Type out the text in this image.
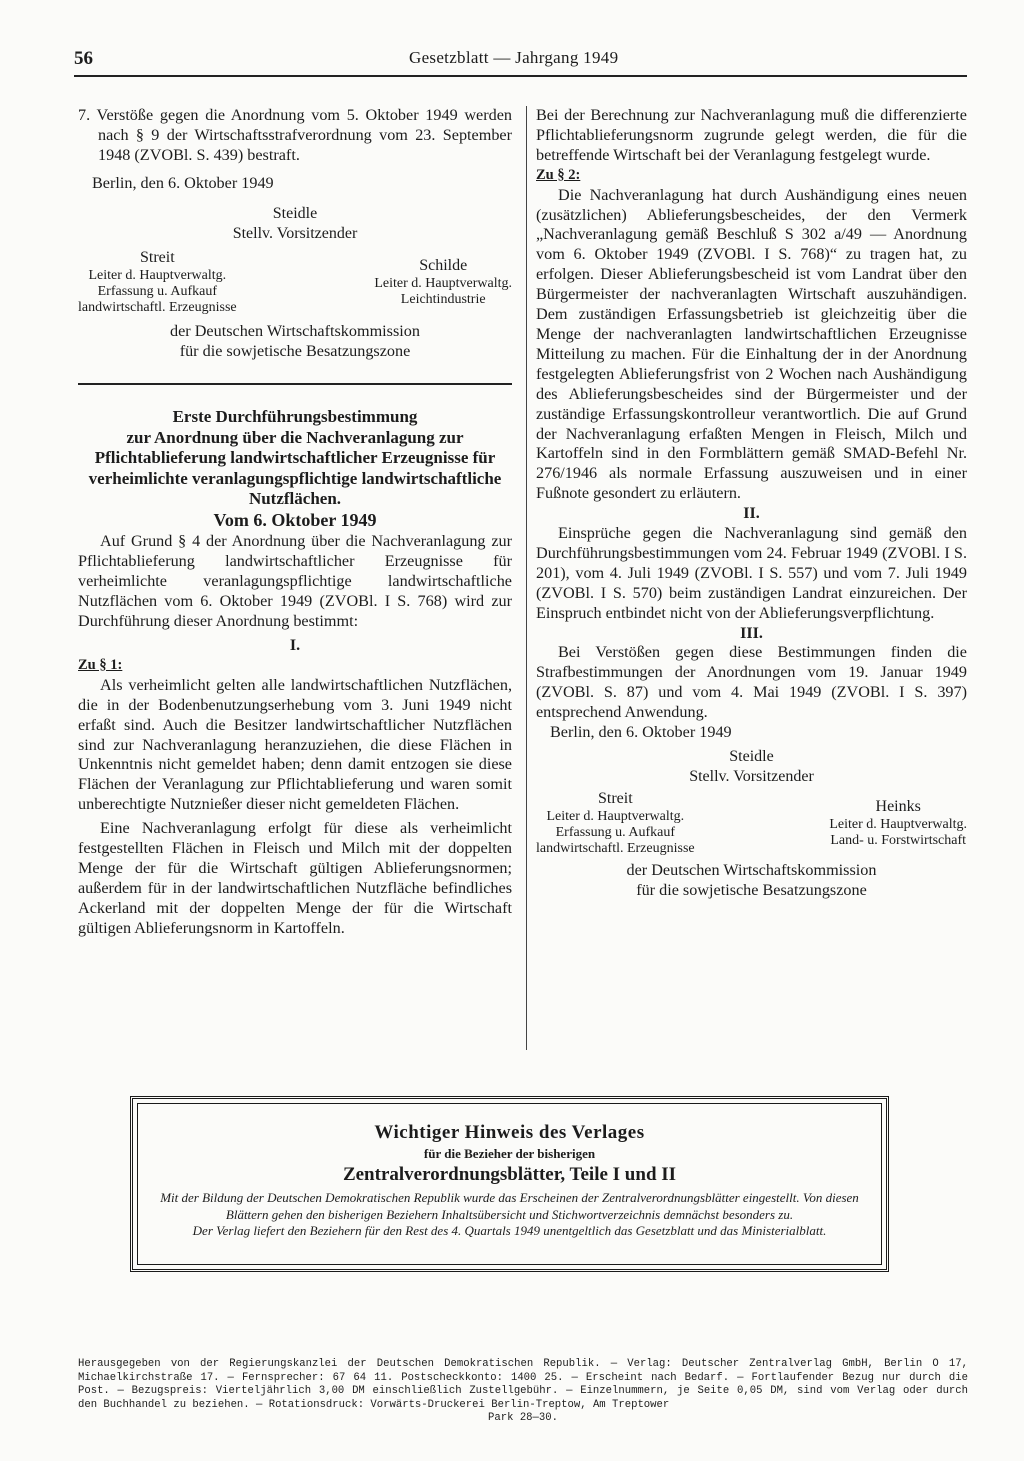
56	Gesetzblatt — Jahrgang 1949

7. Verstöße gegen die Anordnung vom 5. Oktober 1949 werden nach § 9 der Wirtschaftsstrafverordnung vom 23. September 1948 (ZVOBl. S. 439) bestraft.

Berlin, den 6. Oktober 1949

Steidle
Stellv. Vorsitzender
Streit
Leiter d. Hauptverwaltg.
Erfassung u. Aufkauf
landwirtschaftl. Erzeugnisse
Schilde
Leiter d. Hauptverwaltg.
Leichtindustrie
der Deutschen Wirtschaftskommission
für die sowjetische Besatzungszone
Erste Durchführungsbestimmung
zur Anordnung über die Nachveranlagung zur Pflichtablieferung landwirtschaftlicher Erzeugnisse für verheimlichte veranlagungspflichtige landwirtschaftliche Nutzflächen.
Vom 6. Oktober 1949

Auf Grund § 4 der Anordnung über die Nachveranlagung zur Pflichtablieferung landwirtschaftlicher Erzeugnisse für verheimlichte veranlagungspflichtige landwirtschaftliche Nutzflächen vom 6. Oktober 1949 (ZVOBl. I S. 768) wird zur Durchführung dieser Anordnung bestimmt:

I.
Zu § 1:

Als verheimlicht gelten alle landwirtschaftlichen Nutzflächen, die in der Bodenbenutzungserhebung vom 3. Juni 1949 nicht erfaßt sind. Auch die Besitzer landwirtschaftlicher Nutzflächen sind zur Nachveranlagung heranzuziehen, die diese Flächen in Unkenntnis nicht gemeldet haben; denn damit entzogen sie diese Flächen der Veranlagung zur Pflichtablieferung und waren somit unberechtigte Nutznießer dieser nicht gemeldeten Flächen.

Eine Nachveranlagung erfolgt für diese als verheimlicht festgestellten Flächen in Fleisch und Milch mit der doppelten Menge der für die Wirtschaft gültigen Ablieferungsnormen; außerdem für in der landwirtschaftlichen Nutzfläche befindliches Ackerland mit der doppelten Menge der für die Wirtschaft gültigen Ablieferungsnorm in Kartoffeln.

Bei der Berechnung zur Nachveranlagung muß die differenzierte Pflichtablieferungsnorm zugrunde gelegt werden, die für die betreffende Wirtschaft bei der Veranlagung festgelegt wurde.

Zu § 2:

Die Nachveranlagung hat durch Aushändigung eines neuen (zusätzlichen) Ablieferungsbescheides, der den Vermerk „Nachveranlagung gemäß Beschluß S 302 a/49 — Anordnung vom 6. Oktober 1949 (ZVOBl. I S. 768)“ zu tragen hat, zu erfolgen. Dieser Ablieferungsbescheid ist vom Landrat über den Bürgermeister der nachveranlagten Wirtschaft auszuhändigen. Dem zuständigen Erfassungsbetrieb ist gleichzeitig über die Menge der nachveranlagten landwirtschaftlichen Erzeugnisse Mitteilung zu machen. Für die Einhaltung der in der Anordnung festgelegten Ablieferungsfrist von 2 Wochen nach Aushändigung des Ablieferungsbescheides sind der Bürgermeister und der zuständige Erfassungskontrolleur verantwortlich. Die auf Grund der Nachveranlagung erfaßten Mengen in Fleisch, Milch und Kartoffeln sind in den Formblättern gemäß SMAD-Befehl Nr. 276/1946 als normale Erfassung auszuweisen und in einer Fußnote gesondert zu erläutern.

II.

Einsprüche gegen die Nachveranlagung sind gemäß den Durchführungsbestimmungen vom 24. Februar 1949 (ZVOBl. I S. 201), vom 4. Juli 1949 (ZVOBl. I S. 557) und vom 7. Juli 1949 (ZVOBl. I S. 570) beim zuständigen Landrat einzureichen. Der Einspruch entbindet nicht von der Ablieferungsverpflichtung.

III.

Bei Verstößen gegen diese Bestimmungen finden die Strafbestimmungen der Anordnungen vom 19. Januar 1949 (ZVOBl. S. 87) und vom 4. Mai 1949 (ZVOBl. I S. 397) entsprechend Anwendung.

Berlin, den 6. Oktober 1949

Steidle
Stellv. Vorsitzender
Streit
Leiter d. Hauptverwaltg.
Erfassung u. Aufkauf
landwirtschaftl. Erzeugnisse
Heinks
Leiter d. Hauptverwaltg.
Land- u. Forstwirtschaft
der Deutschen Wirtschaftskommission
für die sowjetische Besatzungszone
Wichtiger Hinweis des Verlages
für die Bezieher der bisherigen
Zentralverordnungsblätter, Teile I und II
Mit der Bildung der Deutschen Demokratischen Republik wurde das Erscheinen der Zentralverordnungsblätter eingestellt. Von diesen Blättern gehen den bisherigen Beziehern Inhaltsübersicht und Stichwortverzeichnis demnächst besonders zu.
Der Verlag liefert den Beziehern für den Rest des 4. Quartals 1949 unentgeltlich das Gesetzblatt und das Ministerialblatt.
Herausgegeben von der Regierungskanzlei der Deutschen Demokratischen Republik. — Verlag: Deutscher Zentralverlag GmbH, Berlin O 17, Michaelkirchstraße 17. — Fernsprecher: 67 64 11. Postscheckkonto: 1400 25. — Erscheint nach Bedarf. — Fortlaufender Bezug nur durch die Post. — Bezugspreis: Vierteljährlich 3,00 DM einschließlich Zustellgebühr. — Einzelnummern, je Seite 0,05 DM, sind vom Verlag oder durch den Buchhandel zu beziehen. — Rotationsdruck: Vorwärts-Druckerei Berlin-Treptow, Am Treptower
Park 28—30.
